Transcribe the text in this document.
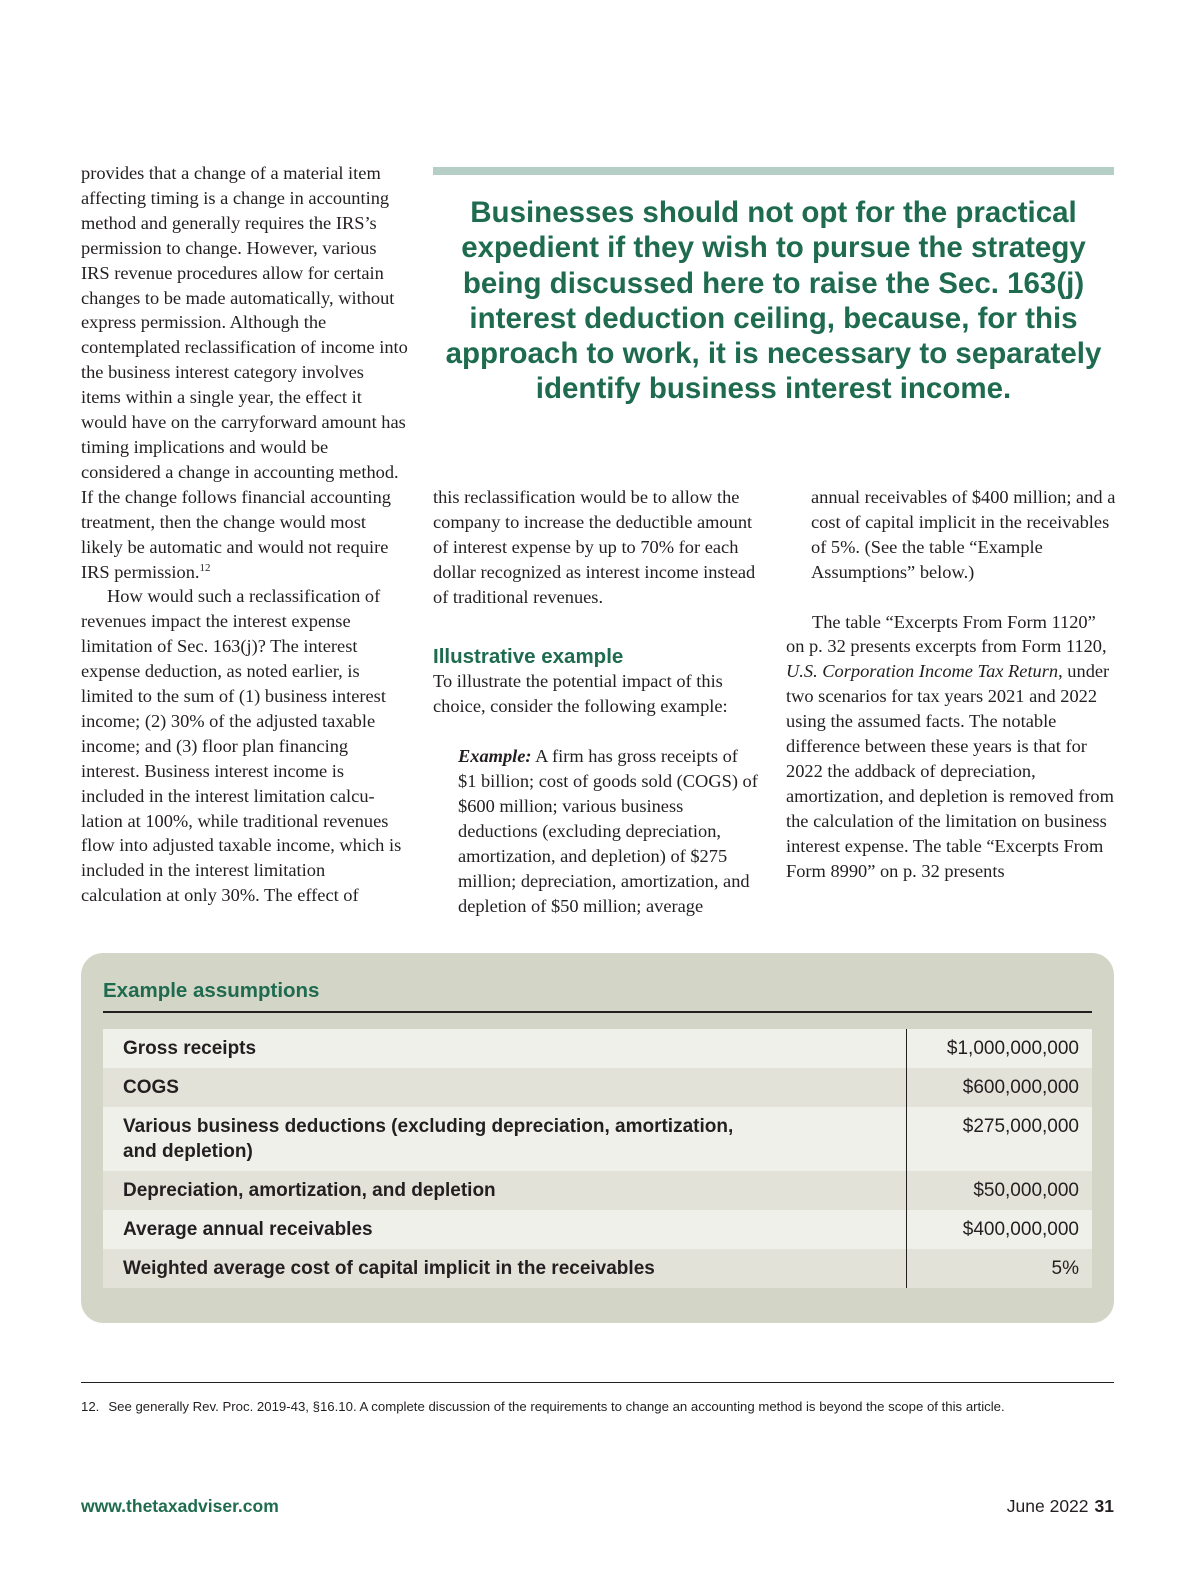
provides that a change of a material item affecting timing is a change in accounting method and generally requires the IRS’s permission to change. However, various IRS revenue procedures allow for certain changes to be made automatically, without express permission. Although the contemplated reclassification of income into the business interest category involves items within a single year, the effect it would have on the carryforward amount has timing implications and would be considered a change in accounting method. If the change follows financial accounting treatment, then the change would most likely be automatic and would not require IRS permission.$^{12}$

How would such a reclassification of revenues impact the interest expense limitation of Sec. 163(j)? The interest expense deduction, as noted earlier, is limited to the sum of (1) business interest income; (2) 30% of the adjusted taxable income; and (3) floor plan financing interest. Business interest income is included in the interest limitation calculation at 100%, while traditional revenues flow into adjusted taxable income, which is included in the interest limitation calculation at only 30%. The effect of

Businesses should not opt for the practical expedient if they wish to pursue the strategy being discussed here to raise the Sec. 163(j) interest deduction ceiling, because, for this approach to work, it is necessary to separately identify business interest income.

this reclassification would be to allow the company to increase the deductible amount of interest expense by up to 70% for each dollar recognized as interest income instead of traditional revenues.

Illustrative example

To illustrate the potential impact of this choice, consider the following example:

Example: A firm has gross receipts of $1 billion; cost of goods sold (COGS) of $600 million; various business deductions (excluding depreciation, amortization, and depletion) of $275 million; depreciation, amortization, and depletion of $50 million; average

annual receivables of $400 million; and a cost of capital implicit in the receivables of 5%. (See the table “Example Assumptions” below.)

The table “Excerpts From Form 1120” on p. 32 presents excerpts from Form 1120, U.S. Corporation Income Tax Return, under two scenarios for tax years 2021 and 2022 using the assumed facts. The notable difference between these years is that for 2022 the addback of depreciation, amortization, and depletion is removed from the calculation of the limitation on business interest expense. The table “Excerpts From Form 8990” on p. 32 presents

Example assumptions
Gross receipts	$1,000,000,000
COGS	$600,000,000
Various business deductions (excluding depreciation, amortization, and depletion)	$275,000,000
Depreciation, amortization, and depletion	$50,000,000
Average annual receivables	$400,000,000
Weighted average cost of capital implicit in the receivables	5%

12. See generally Rev. Proc. 2019-43, §16.10. A complete discussion of the requirements to change an accounting method is beyond the scope of this article.

www.thetaxadviser.com	June 2022 31
